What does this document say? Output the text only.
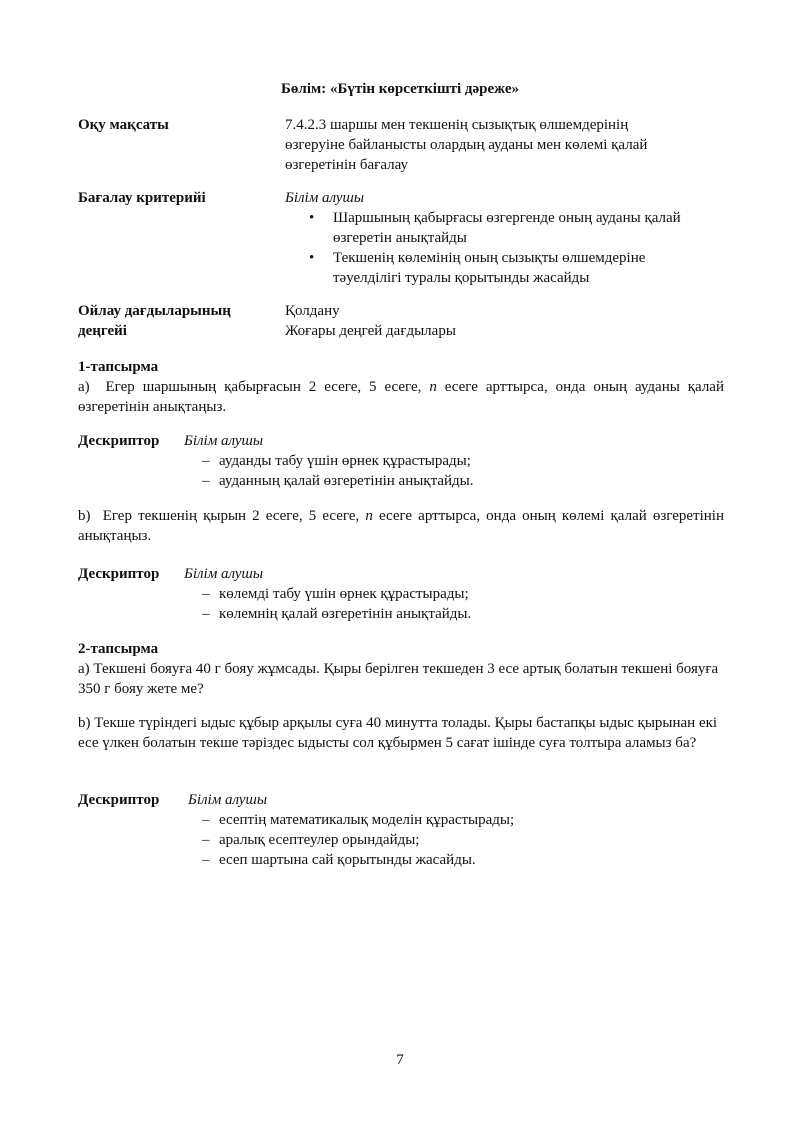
Бөлім: «Бүтін көрсеткішті дәреже»
Оқу мақсаты	7.4.2.3 шаршы мен текшенің сызықтық өлшемдерінің
өзгеруіне байланысты олардың ауданы мен көлемі қалай
өзгеретінін бағалау
Бағалау критерийі	Білім алушы
• Шаршының қабырғасы өзгергенде оның ауданы қалай
өзгеретін анықтайды
• Текшенің көлемінің оның сызықты өлшемдеріне
тәуелділігі туралы қорытынды жасайды
Ойлау дағдыларының
деңгейі
Қолдану
Жоғары деңгей дағдылары
1-тапсырма
a)  Егер шаршының қабырғасын 2 есеге, 5 есеге, n есеге арттырса, онда оның ауданы қалай өзгеретінін анықтаңыз.
Дескриптор Білім алушы
– ауданды табу үшін өрнек құрастырады;
– ауданның қалай өзгеретінін анықтайды.
b)  Егер текшенің қырын 2 есеге, 5 есеге, n есеге арттырса, онда оның көлемі қалай өзгеретінін анықтаңыз.
Дескриптор Білім алушы
– көлемді табу үшін өрнек құрастырады;
– көлемнің қалай өзгеретінін анықтайды.
2-тапсырма
a) Текшені бояуға 40 г бояу жұмсады. Қыры берілген текшеден 3 есе артық болатын текшені бояуға 350 г бояу жете ме?
b) Текше түріндегі ыдыс құбыр арқылы суға 40 минутта толады. Қыры бастапқы ыдыс қырынан екі есе үлкен болатын текше тәріздес ыдысты сол құбырмен 5 сағат ішінде суға толтыра аламыз ба?
Дескриптор Білім алушы
– есептің математикалық моделін құрастырады;
– аралық есептеулер орындайды;
– есеп шартына сай қорытынды жасайды.
7
